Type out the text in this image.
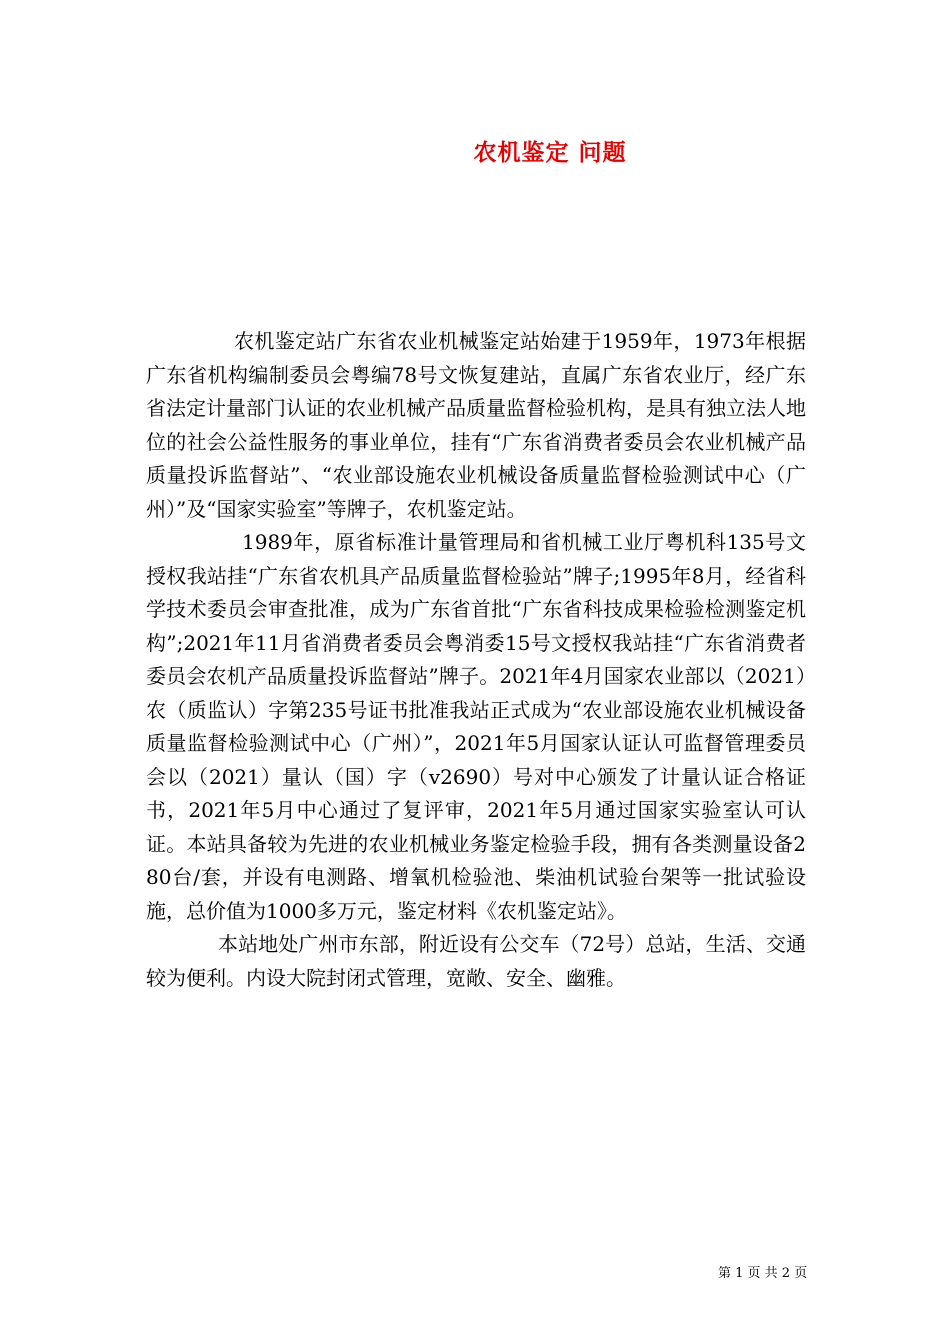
农机鉴定 问题

农机鉴定站广东省农业机械鉴定站始建于1959年，1973年根据广东省机构编制委员会粤编78号文恢复建站，直属广东省农业厅，经广东省法定计量部门认证的农业机械产品质量监督检验机构，是具有独立法人地位的社会公益性服务的事业单位，挂有“广东省消费者委员会农业机械产品质量投诉监督站”、“农业部设施农业机械设备质量监督检验测试中心（广州）”及“国家实验室”等牌子，农机鉴定站。

1989年，原省标准计量管理局和省机械工业厅粤机科135号文授权我站挂“广东省农机具产品质量监督检验站”牌子;1995年8月，经省科学技术委员会审查批准，成为广东省首批“广东省科技成果检验检测鉴定机构”;2021年11月省消费者委员会粤消委15号文授权我站挂“广东省消费者委员会农机产品质量投诉监督站”牌子。2021年4月国家农业部以（2021）农（质监认）字第235号证书批准我站正式成为“农业部设施农业机械设备质量监督检验测试中心（广州）”，2021年5月国家认证认可监督管理委员会以（2021）量认（国）字（v2690）号对中心颁发了计量认证合格证书，2021年5月中心通过了复评审，2021年5月通过国家实验室认可认证。本站具备较为先进的农业机械业务鉴定检验手段，拥有各类测量设备280台/套，并设有电测路、增氧机检验池、柴油机试验台架等一批试验设施，总价值为1000多万元，鉴定材料《农机鉴定站》。

本站地处广州市东部，附近设有公交车（72号）总站，生活、交通较为便利。内设大院封闭式管理，宽敞、安全、幽雅。

第 1 页 共 2 页
